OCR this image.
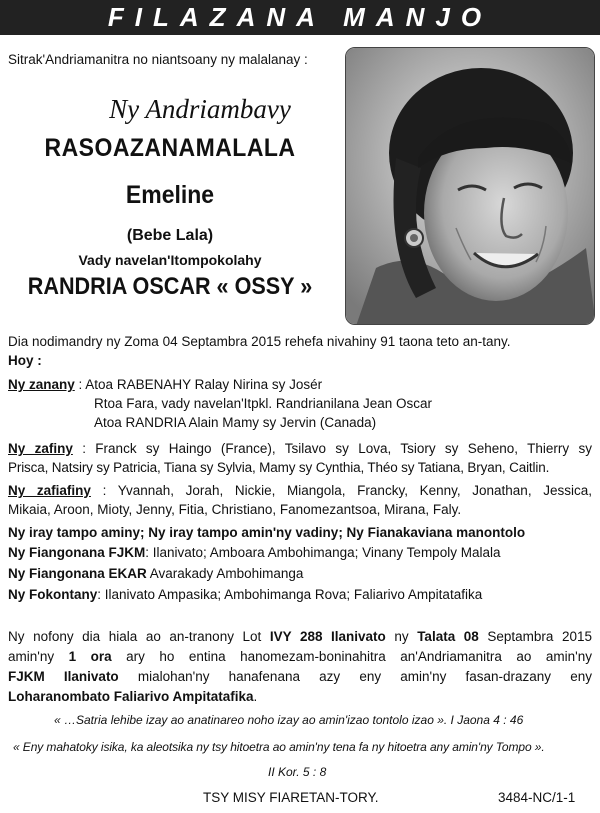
FILAZANA MANJO
Sitrak'Andriamanitra no niantsoany ny malalanay :
Ny Andriambavy
RASOAZANAMALALA
Emeline
(Bebe Lala)
Vady navelan'Itompokolahy
RANDRIA OSCAR « OSSY »
Dia nodimandry ny Zoma 04 Septambra 2015 rehefa nivahiny 91 taona teto an-tany.
Hoy :
Ny zanany : Atoa RABENAHY Ralay Nirina sy Josér
Rtoa Fara, vady navelan'Itpkl. Randrianilana Jean Oscar
Atoa RANDRIA Alain Mamy sy Jervin (Canada)
Ny zafiny : Franck sy Haingo (France), Tsilavo sy Lova, Tsiory sy Seheno, Thierry sy
Prisca, Natsiry sy Patricia, Tiana sy Sylvia, Mamy sy Cynthia, Théo sy Tatiana, Bryan, Caitlin.
Ny zafiafiny : Yvannah, Jorah, Nickie, Miangola, Francky, Kenny, Jonathan, Jessica,
Mikaia, Aroon, Mioty, Jenny, Fitia, Christiano, Fanomezantsoa, Mirana, Faly.
Ny iray tampo aminy; Ny iray tampo amin'ny vadiny; Ny Fianakaviana manontolo
Ny Fiangonana FJKM: Ilanivato; Amboara Ambohimanga; Vinany Tempoly Malala
Ny Fiangonana EKAR Avarakady Ambohimanga
Ny Fokontany: Ilanivato Ampasika; Ambohimanga Rova; Faliarivo Ampitatafika
Ny nofony dia hiala ao an-tranony Lot IVY 288 Ilanivato ny Talata 08 Septambra 2015
amin'ny 1 ora ary ho entina hanomezam-boninahitra an'Andriamanitra ao amin'ny
FJKM Ilanivato mialohan'ny hanafenana azy eny amin'ny fasan-drazany eny
Loharanombato Faliarivo Ampitatafika.
« …Satria lehibe izay ao anatinareo noho izay ao amin'izao tontolo izao ». I Jaona 4 : 46
« Eny mahatoky isika, ka aleotsika ny tsy hitoetra ao amin'ny tena fa ny hitoetra any amin'ny Tompo ».
II Kor. 5 : 8
TSY MISY FIARETAN-TORY.	3484-NC/1-1
